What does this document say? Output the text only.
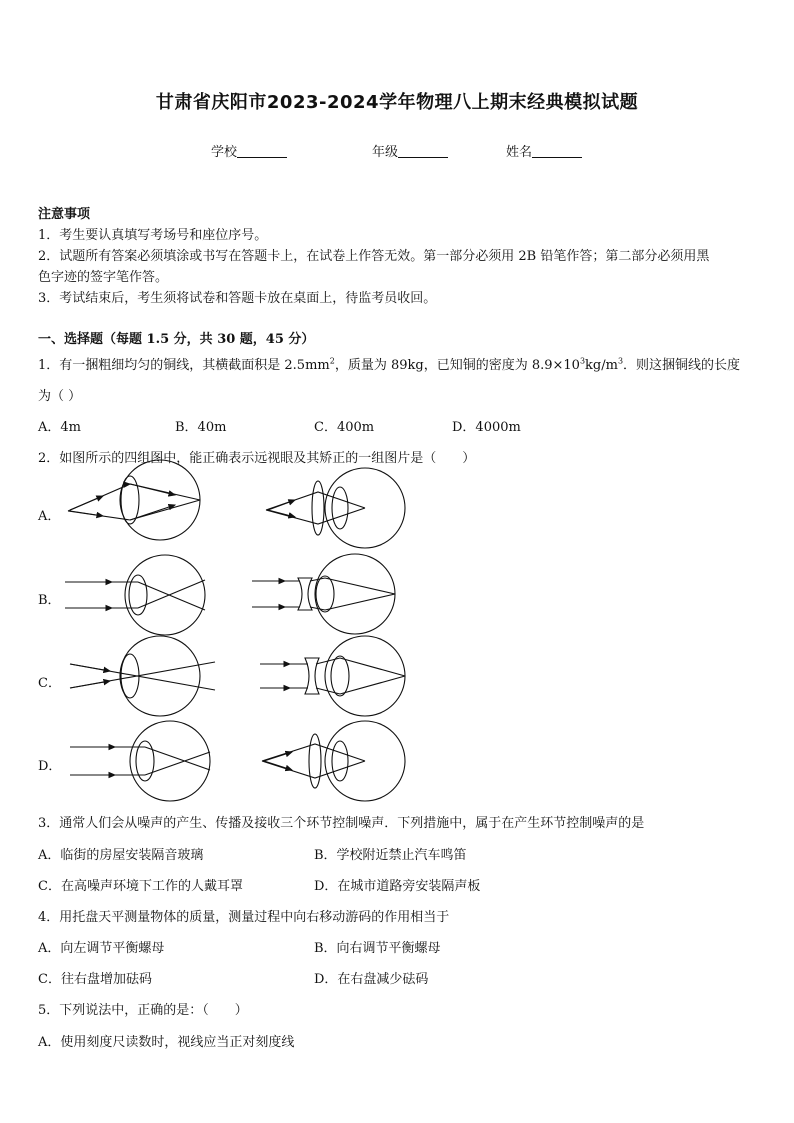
甘肃省庆阳市2023-2024学年物理八上期末经典模拟试题
学校	年级	姓名
注意事项
1．考生要认真填写考场号和座位序号。
2．试题所有答案必须填涂或书写在答题卡上，在试卷上作答无效。第一部分必须用 2B 铅笔作答；第二部分必须用黑
色字迹的签字笔作答。
3．考试结束后，考生须将试卷和答题卡放在桌面上，待监考员收回。
一、选择题（每题 1.5 分，共 30 题，45 分）
1．有一捆粗细均匀的铜线，其横截面积是 $2.5mm^2$，质量为 89kg，已知铜的密度为 $8.9\times 10^3kg/m^3$．则这捆铜线的长度
为（ ）
A．4m	B．40m	C．400m	D．4000m
2．如图所示的四组图中，能正确表示远视眼及其矫正的一组图片是（　　）
A．
B．
C．
D．
3．通常人们会从噪声的产生、传播及接收三个环节控制噪声．下列措施中，属于在产生环节控制噪声的是
A．临街的房屋安装隔音玻璃	B．学校附近禁止汽车鸣笛
C．在高噪声环境下工作的人戴耳罩	D．在城市道路旁安装隔声板
4．用托盘天平测量物体的质量，测量过程中向右移动游码的作用相当于
A．向左调节平衡螺母	B．向右调节平衡螺母
C．往右盘增加砝码	D．在右盘减少砝码
5．下列说法中，正确的是：（　　）
A．使用刻度尺读数时，视线应当正对刻度线
